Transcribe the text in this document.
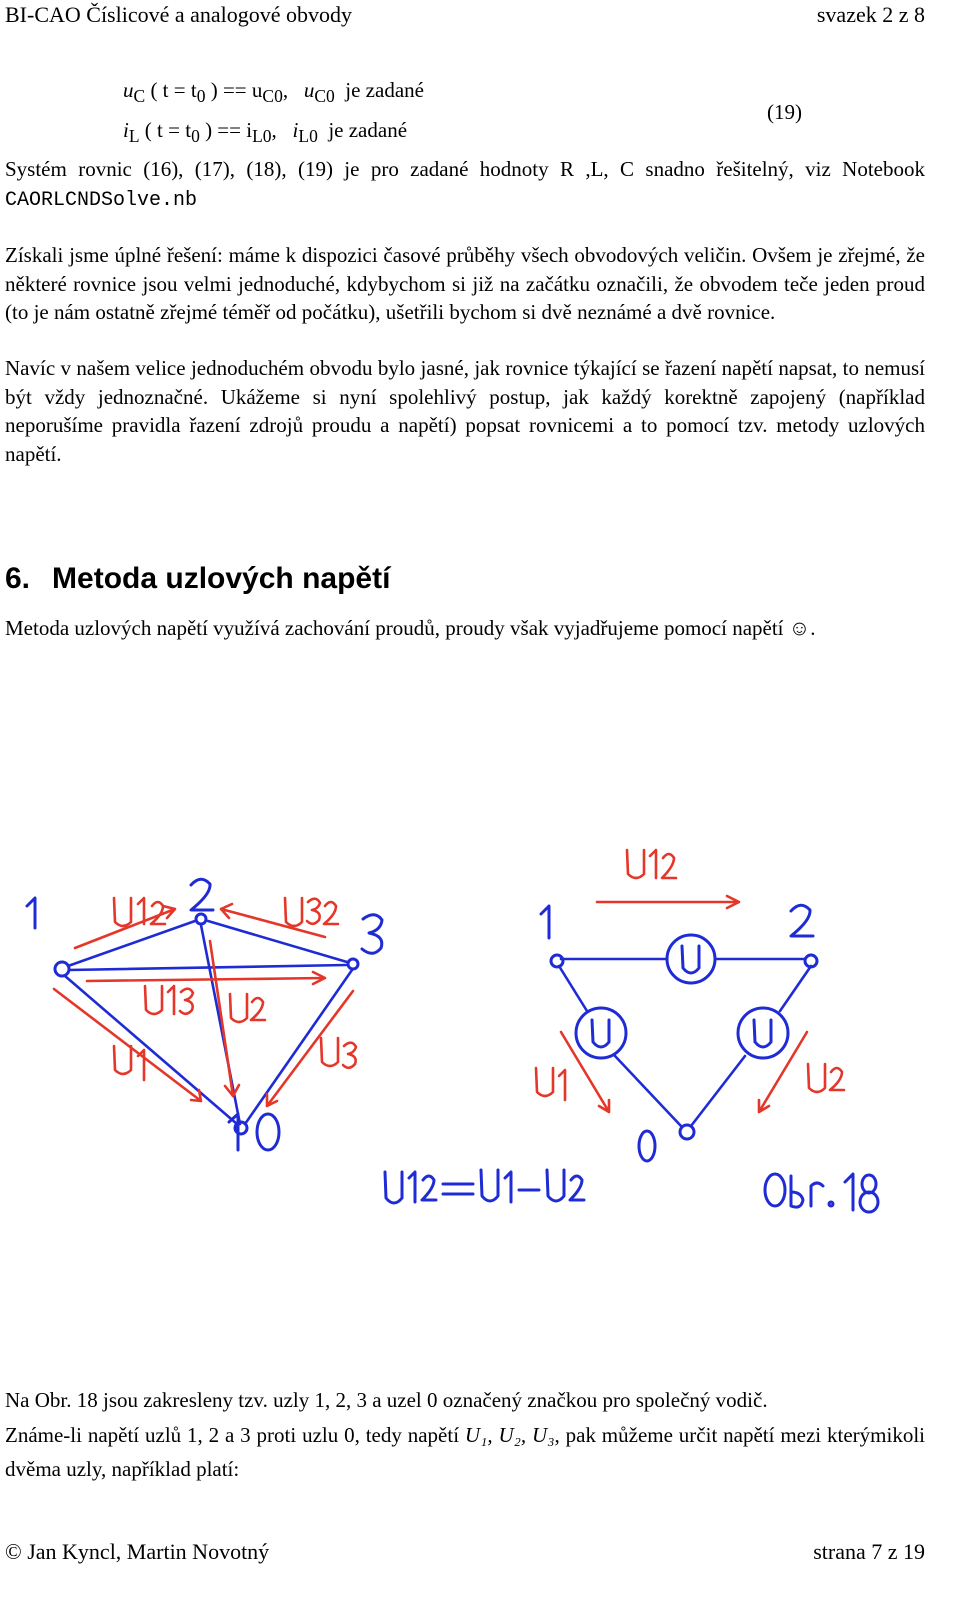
BI-CAO Číslicové a analogové obvody	svazek 2 z 8
$u_C$ ( $t = t_0$ ) == $u_{C0}$, $u_{C0}$ je zadané
$i_L$ ( $t = t_0$ ) == $i_{L0}$, $i_{L0}$ je zadané
(19)
Systém rovnic (16), (17), (18), (19) je pro zadané hodnoty R ,L, C snadno řešitelný, viz Notebook CAORLCNDSolve.nb
Získali jsme úplné řešení: máme k dispozici časové průběhy všech obvodových veličin. Ovšem je zřejmé, že některé rovnice jsou velmi jednoduché, kdybychom si již na začátku označili, že obvodem teče jeden proud (to je nám ostatně zřejmé téměř od počátku), ušetřili bychom si dvě neznámé a dvě rovnice.
Navíc v našem velice jednoduchém obvodu bylo jasné, jak rovnice týkající se řazení napětí napsat, to nemusí být vždy jednoznačné. Ukážeme si nyní spolehlivý postup, jak každý korektně zapojený (například neporušíme pravidla řazení zdrojů proudu a napětí) popsat rovnicemi a to pomocí tzv. metody uzlových napětí.
6. Metoda uzlových napětí
Metoda uzlových napětí využívá zachování proudů, proudy však vyjadřujeme pomocí napětí ☺.
Na Obr. 18 jsou zakresleny tzv. uzly 1, 2, 3 a uzel 0 označený značkou pro společný vodič.
Známe-li napětí uzlů 1, 2 a 3 proti uzlu 0, tedy napětí U₁, U₂, U₃, pak můžeme určit napětí mezi kterýmikoli dvěma uzly, například platí:
© Jan Kyncl, Martin Novotný	strana 7 z 19
